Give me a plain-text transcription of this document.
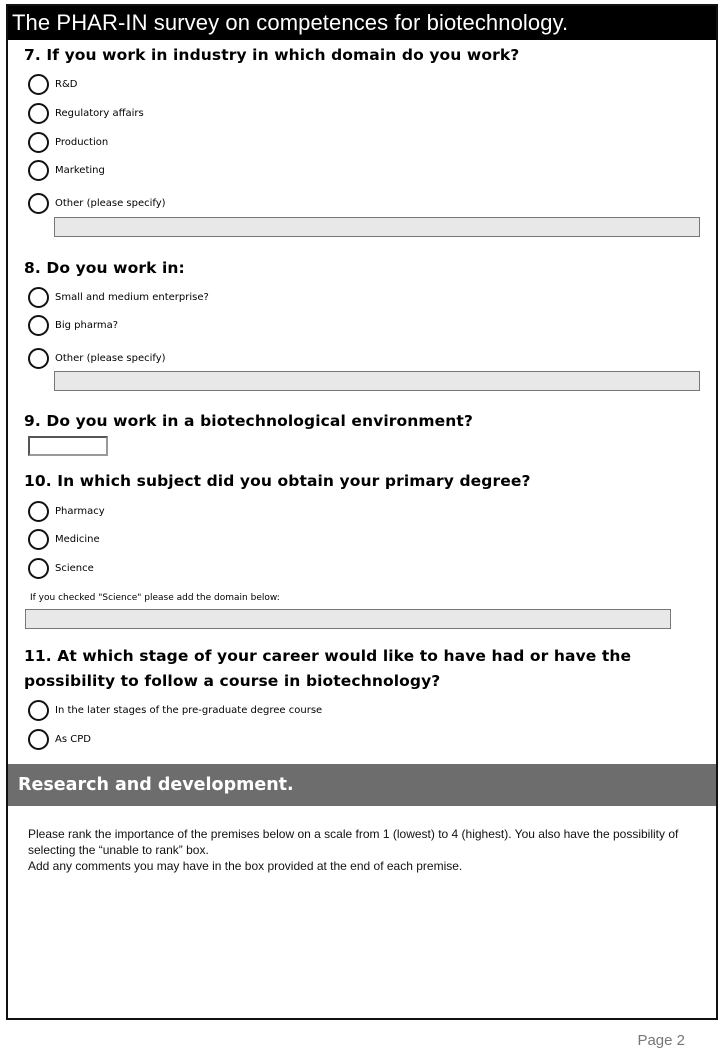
The PHAR-IN survey on competences for biotechnology.
7. If you work in industry in which domain do you work?
R&D
Regulatory affairs
Production
Marketing
Other (please specify)
8. Do you work in:
Small and medium enterprise?
Big pharma?
Other (please specify)
9. Do you work in a biotechnological environment?
10. In which subject did you obtain your primary degree?
Pharmacy
Medicine
Science
If you checked "Science" please add the domain below:
11. At which stage of your career would like to have had or have the possibility to follow a course in biotechnology?
In the later stages of the pre-graduate degree course
As CPD
Research and development.
Please rank the importance of the premises below on a scale from 1 (lowest) to 4 (highest). You also have the possibility of selecting the “unable to rank” box.
Add any comments you may have in the box provided at the end of each premise.
Page 2
